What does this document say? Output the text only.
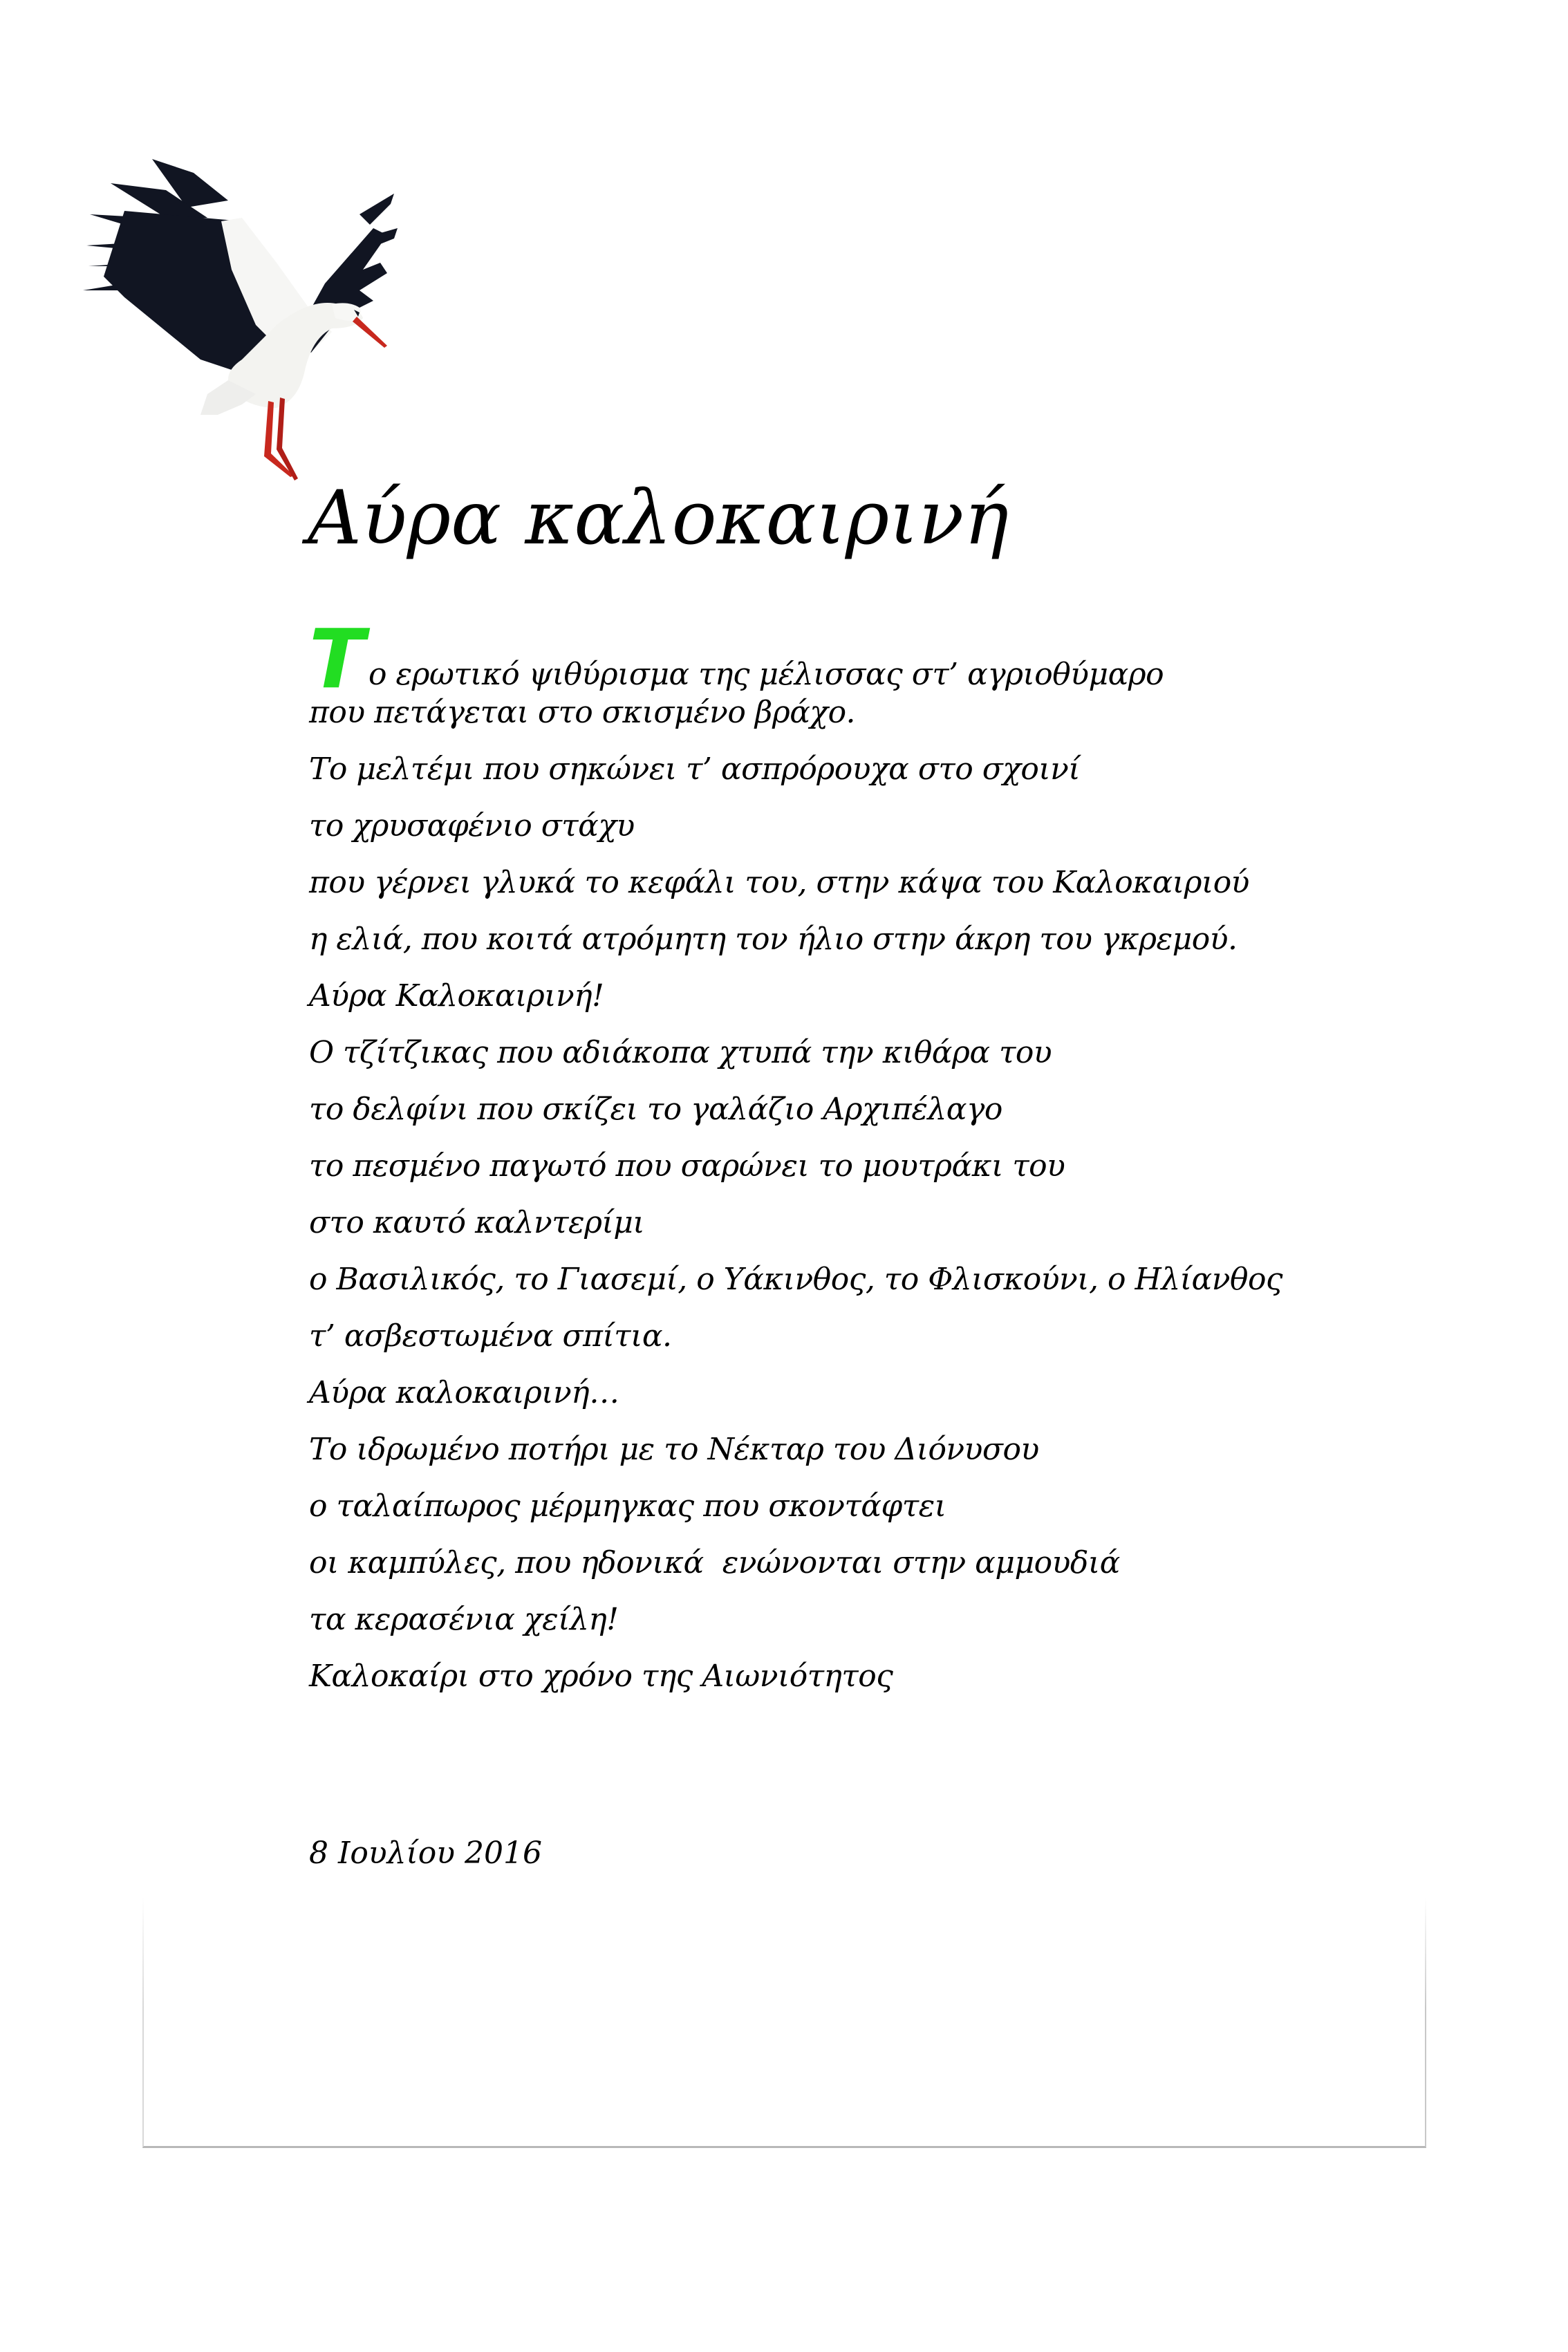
Αύρα καλοκαιρινή
Το ερωτικό ψιθύρισμα της μέλισσας στ’ αγριοθύμαρο
που πετάγεται στο σκισμένο βράχο.
Το μελτέμι που σηκώνει τ’ ασπρόρουχα στο σχοινί
το χρυσαφένιο στάχυ
που γέρνει γλυκά το κεφάλι του, στην κάψα του Καλοκαιριού
η ελιά, που κοιτά ατρόμητη τον ήλιο στην άκρη του γκρεμού.
Αύρα Καλοκαιρινή!
Ο τζίτζικας που αδιάκοπα χτυπά την κιθάρα του
το δελφίνι που σκίζει το γαλάζιο Αρχιπέλαγο
το πεσμένο παγωτό που σαρώνει το μουτράκι του
στο καυτό καλντερίμι
ο Βασιλικός, το Γιασεμί, ο Υάκινθος, το Φλισκούνι, ο Ηλίανθος
τ’ ασβεστωμένα σπίτια.
Αύρα καλοκαιρινή…
Το ιδρωμένο ποτήρι με το Νέκταρ του Διόνυσου
ο ταλαίπωρος μέρμηγκας που σκοντάφτει
οι καμπύλες, που ηδονικά  ενώνονται στην αμμουδιά
τα κερασένια χείλη!
Καλοκαίρι στο χρόνο της Αιωνιότητος
8 Ιουλίου 2016
